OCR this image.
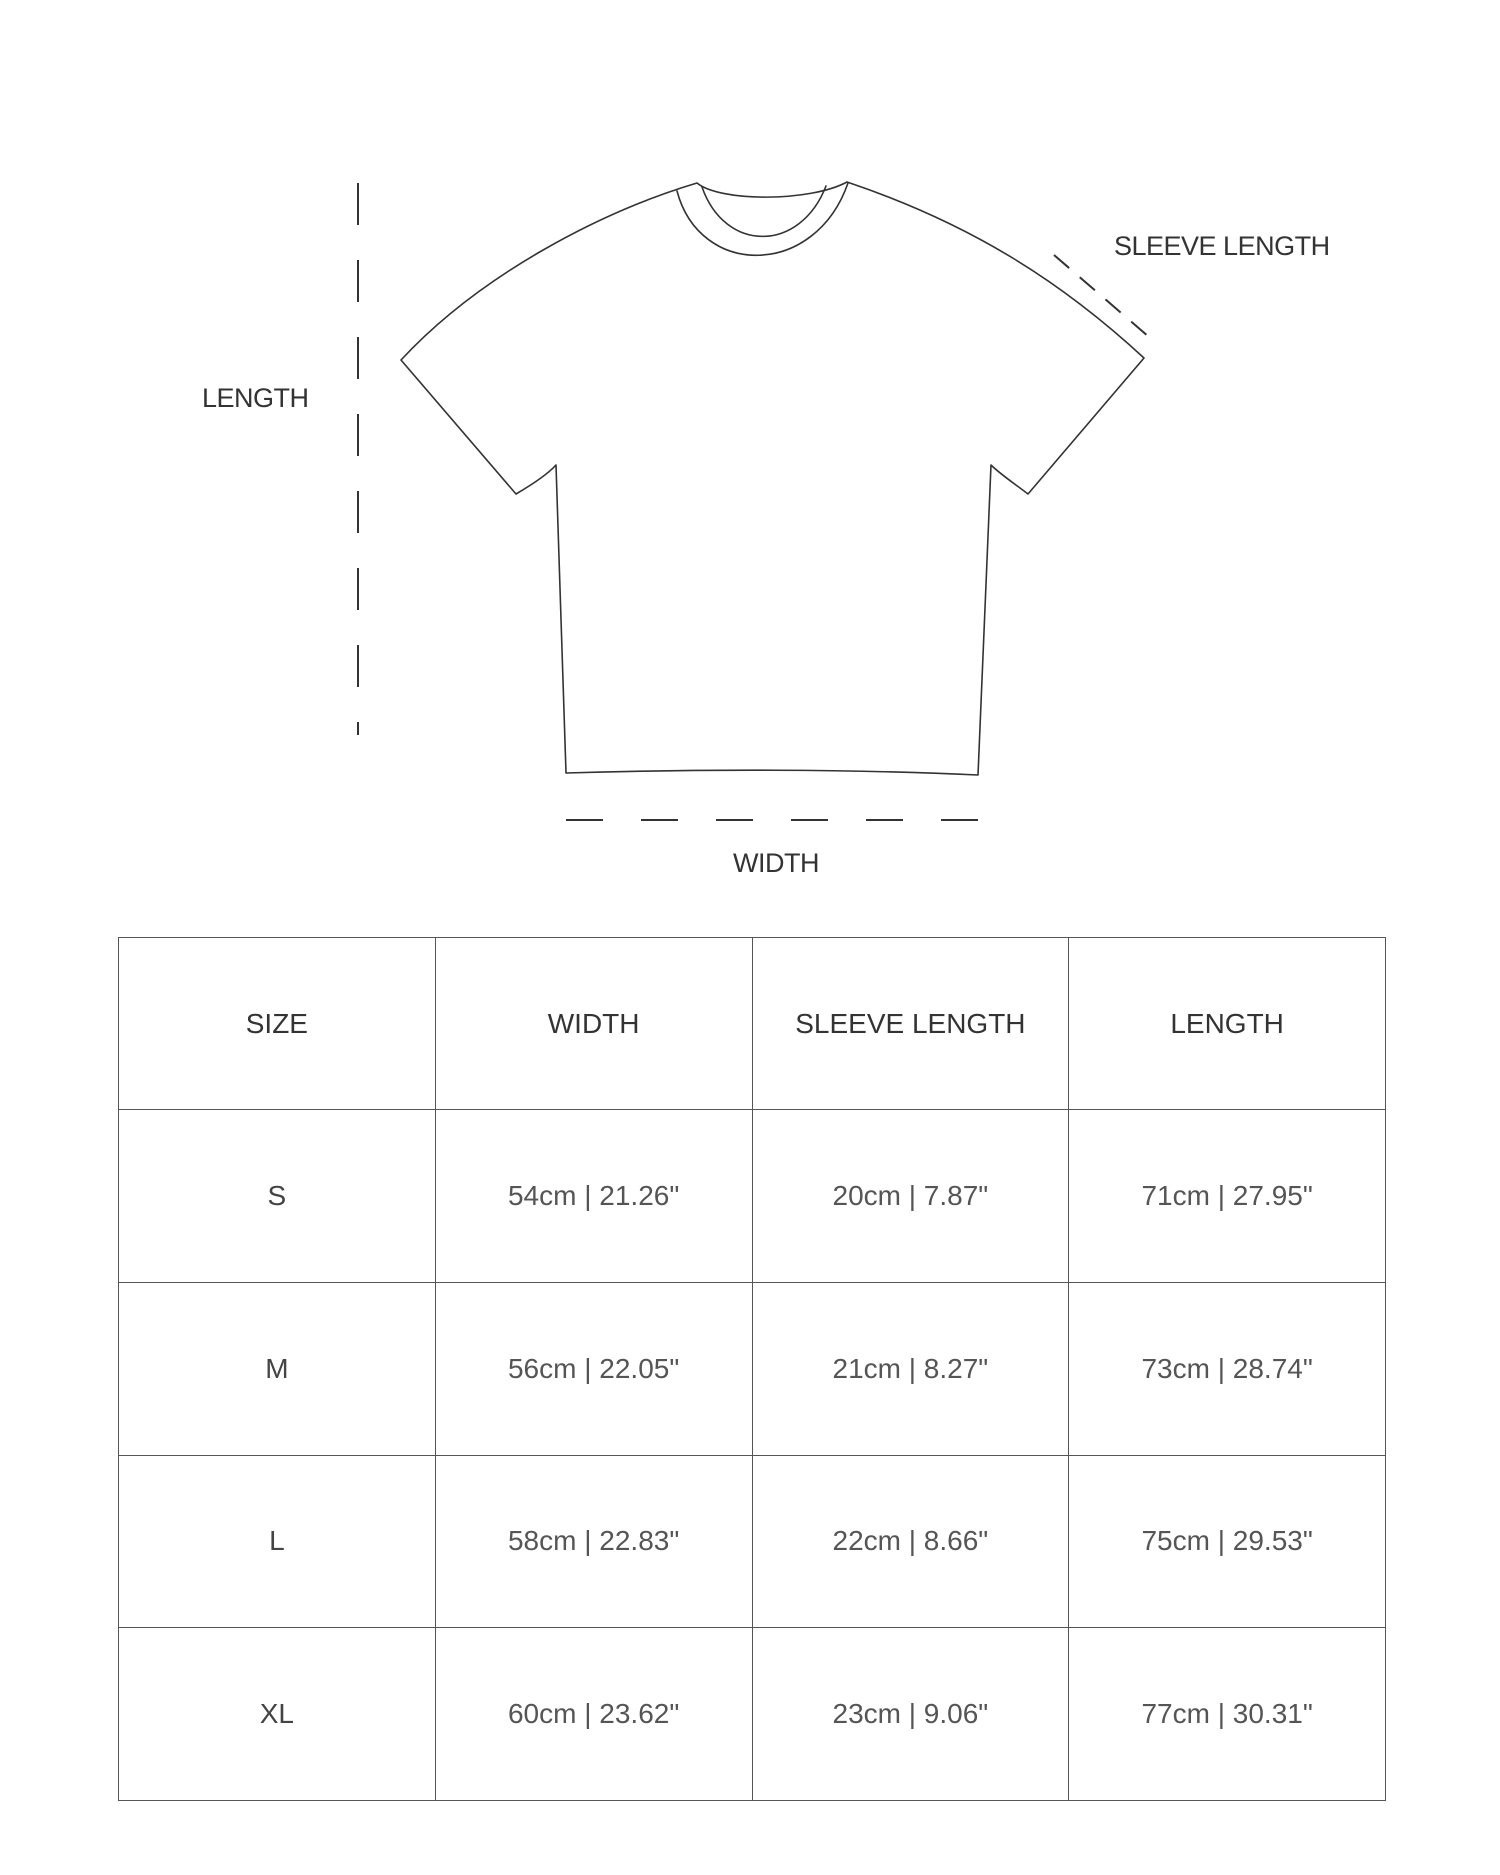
LENGTH
SLEEVE LENGTH
WIDTH
SIZE	WIDTH	SLEEVE LENGTH	LENGTH
S	54cm | 21.26"	20cm | 7.87"	71cm | 27.95"
M	56cm | 22.05"	21cm | 8.27"	73cm | 28.74"
L	58cm | 22.83"	22cm | 8.66"	75cm | 29.53"
XL	60cm | 23.62"	23cm | 9.06"	77cm | 30.31"
